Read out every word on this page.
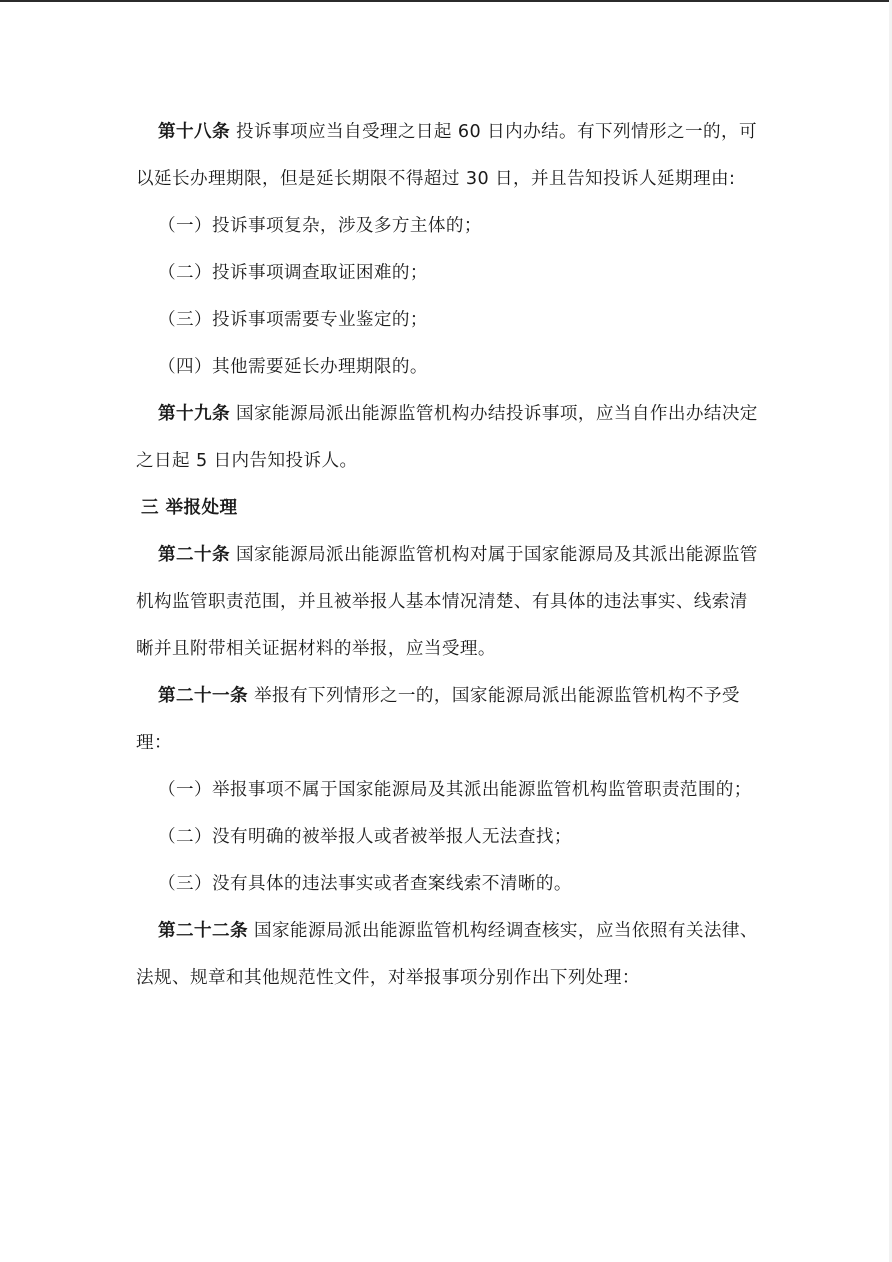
第十八条 投诉事项应当自受理之日起 60 日内办结。有下列情形之一的，可以延长办理期限，但是延长期限不得超过 30 日，并且告知投诉人延期理由:

（一）投诉事项复杂，涉及多方主体的；

（二）投诉事项调查取证困难的；

（三）投诉事项需要专业鉴定的；

（四）其他需要延长办理期限的。

第十九条 国家能源局派出能源监管机构办结投诉事项，应当自作出办结决定之日起 5 日内告知投诉人。

三 举报处理

第二十条 国家能源局派出能源监管机构对属于国家能源局及其派出能源监管机构监管职责范围，并且被举报人基本情况清楚、有具体的违法事实、线索清晰并且附带相关证据材料的举报，应当受理。

第二十一条 举报有下列情形之一的，国家能源局派出能源监管机构不予受理：

（一）举报事项不属于国家能源局及其派出能源监管机构监管职责范围的；

（二）没有明确的被举报人或者被举报人无法查找；

（三）没有具体的违法事实或者查案线索不清晰的。

第二十二条 国家能源局派出能源监管机构经调查核实，应当依照有关法律、法规、规章和其他规范性文件，对举报事项分别作出下列处理：
